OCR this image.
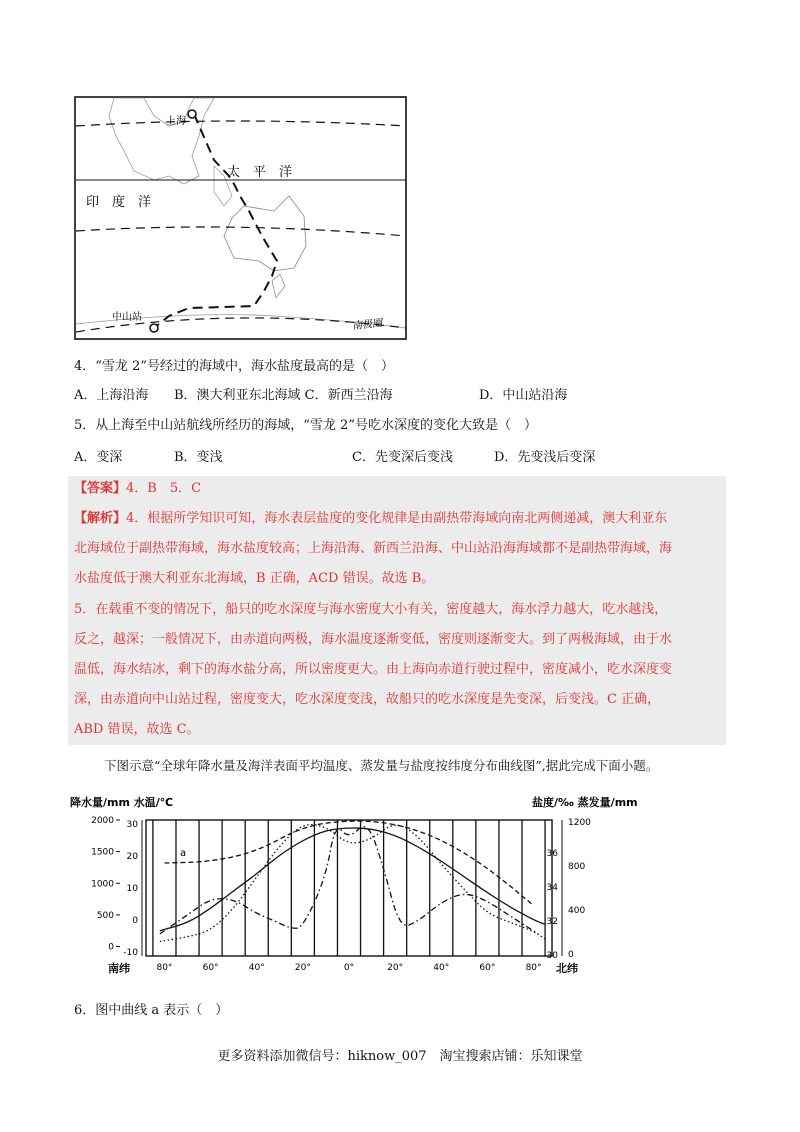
上海
太　平　洋
印　度　洋
中山站
南极圈
4．“雪龙 2”号经过的海域中，海水盐度最高的是（　）
A．上海沿海 B．澳大利亚东北海域 C．新西兰沿海	D．中山站沿海
5．从上海至中山站航线所经历的海域，“雪龙 2”号吃水深度的变化大致是（　）
A．变深	B．变浅	C．先变深后变浅	D．先变浅后变深
【答案】4．B　5．C
【解析】4．根据所学知识可知，海水表层盐度的变化规律是由副热带海域向南北两侧递减，澳大利亚东
北海域位于副热带海域，海水盐度较高；上海沿海、新西兰沿海、中山站沿海海域都不是副热带海域，海
水盐度低于澳大利亚东北海域，B 正确，ACD 错误。故选 B。
5．在载重不变的情况下，船只的吃水深度与海水密度大小有关，密度越大，海水浮力越大，吃水越浅，
反之，越深；一般情况下，由赤道向两极，海水温度逐渐变低，密度则逐渐变大。到了两极海域，由于水
温低，海水结冰，剩下的海水盐分高，所以密度更大。由上海向赤道行驶过程中，密度减小，吃水深度变
深，由赤道向中山站过程，密度变大，吃水深度变浅，故船只的吃水深度是先变深，后变浅。C 正确，
ABD 错误，故选 C。
下图示意“全球年降水量及海洋表面平均温度、蒸发量与盐度按纬度分布曲线图”,据此完成下面小题。
降水量/mm 水温/℃	盐度/‰ 蒸发量/mm
南纬	北纬
a
80°	60°	40°	20°	0°	20°	40°	60°	80°
2000
1500
1000
500
0
30
20
10
0
-10
36
34
32
30
1200
800
400
0
6．图中曲线 a 表示（　）
更多资料添加微信号：hiknow_007　淘宝搜索店铺：乐知课堂
